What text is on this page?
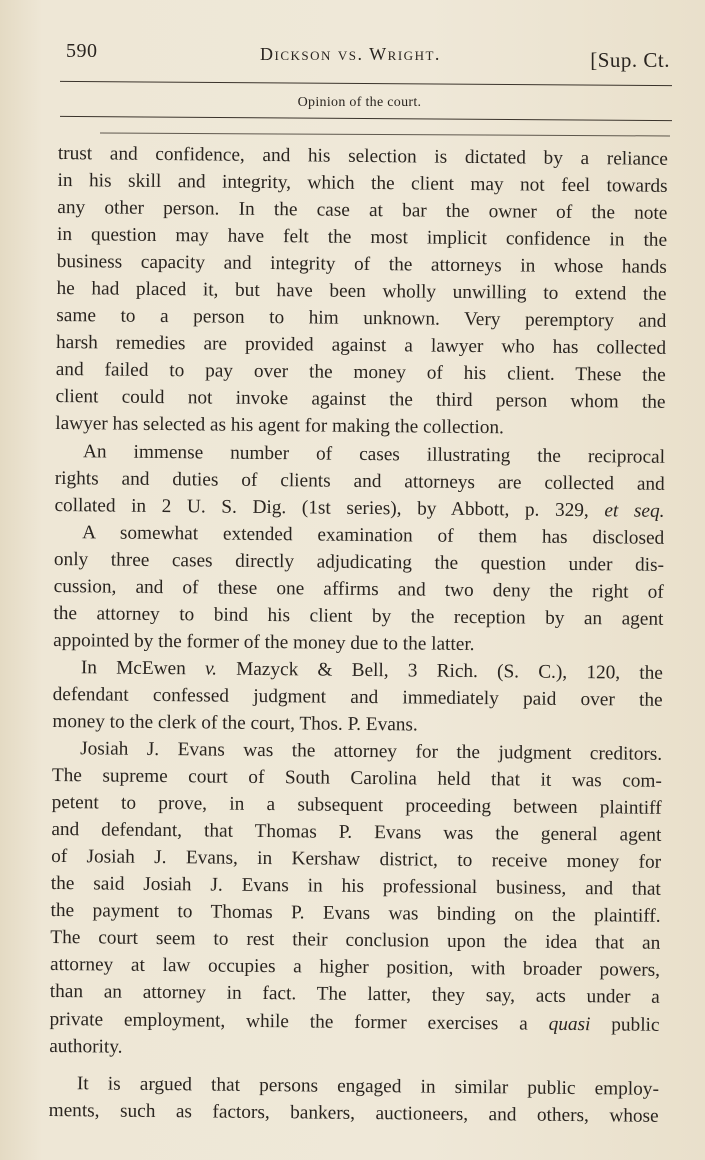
590	Dickson vs. Wright.	[Sup. Ct.
Opinion of the court.
trust and confidence, and his selection is dictated by a reliance
in his skill and integrity, which the client may not feel towards
any other person. In the case at bar the owner of the note
in question may have felt the most implicit confidence in the
business capacity and integrity of the attorneys in whose hands
he had placed it, but have been wholly unwilling to extend the
same to a person to him unknown. Very peremptory and
harsh remedies are provided against a lawyer who has collected
and failed to pay over the money of his client. These the
client could not invoke against the third person whom the
lawyer has selected as his agent for making the collection.
An immense number of cases illustrating the reciprocal
rights and duties of clients and attorneys are collected and
collated in 2 U. S. Dig. (1st series), by Abbott, p. 329, et seq.
A somewhat extended examination of them has disclosed
only three cases directly adjudicating the question under dis-
cussion, and of these one affirms and two deny the right of
the attorney to bind his client by the reception by an agent
appointed by the former of the money due to the latter.
In McEwen v. Mazyck & Bell, 3 Rich. (S. C.), 120, the
defendant confessed judgment and immediately paid over the
money to the clerk of the court, Thos. P. Evans.
Josiah J. Evans was the attorney for the judgment creditors.
The supreme court of South Carolina held that it was com-
petent to prove, in a subsequent proceeding between plaintiff
and defendant, that Thomas P. Evans was the general agent
of Josiah J. Evans, in Kershaw district, to receive money for
the said Josiah J. Evans in his professional business, and that
the payment to Thomas P. Evans was binding on the plaintiff.
The court seem to rest their conclusion upon the idea that an
attorney at law occupies a higher position, with broader powers,
than an attorney in fact. The latter, they say, acts under a
private employment, while the former exercises a quasi public
authority.
It is argued that persons engaged in similar public employ-
ments, such as factors, bankers, auctioneers, and others, whose
